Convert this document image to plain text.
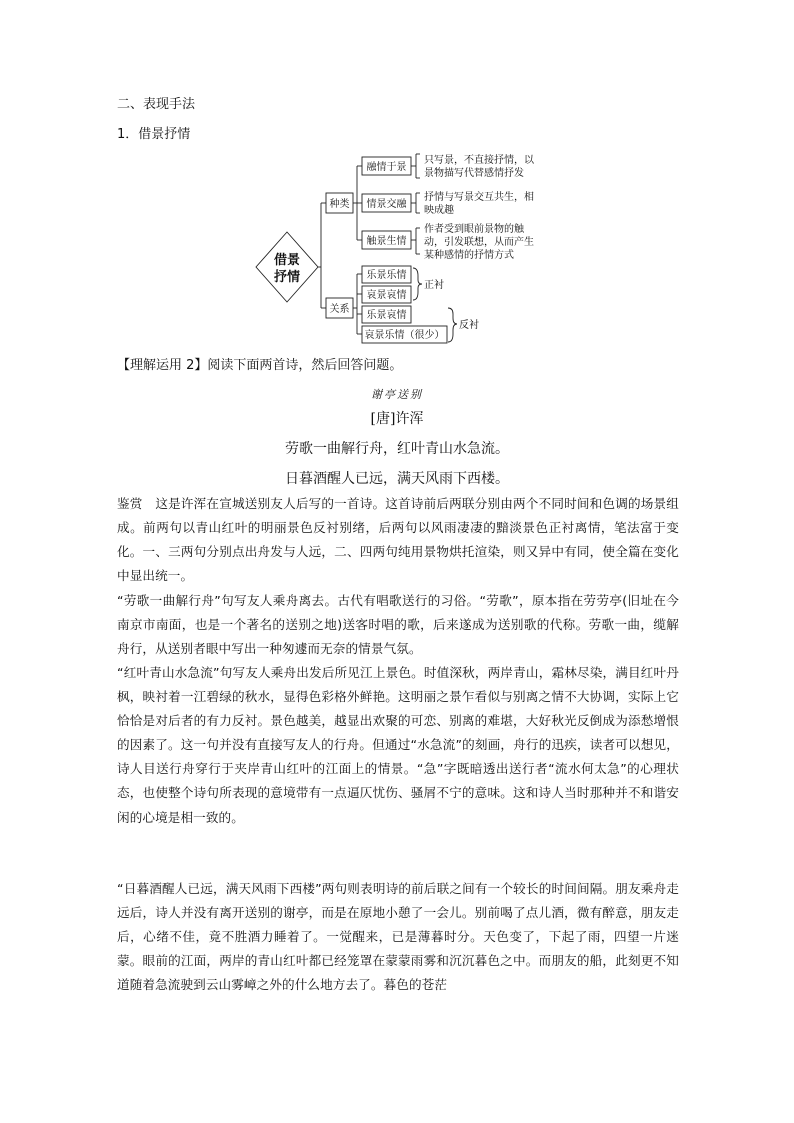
二、表现手法
1．借景抒情
借景
抒情
种类
关系
融情于景
情景交融
触景生情
只写景，不直接抒情，以
景物描写代替感情抒发
抒情与写景交互共生，相
映成趣
作者受到眼前景物的触
动，引发联想，从而产生
某种感情的抒情方式
乐景乐情
哀景哀情
乐景哀情
哀景乐情（很少）
正衬
反衬
【理解运用 2】阅读下面两首诗，然后回答问题。
谢亭送别
[唐]许浑
劳歌一曲解行舟，红叶青山水急流。
日暮酒醒人已远，满天风雨下西楼。
鉴赏　这是许浑在宣城送别友人后写的一首诗。这首诗前后两联分别由两个不同时间和色调的场景组成。前两句以青山红叶的明丽景色反衬别绪，后两句以风雨凄凄的黯淡景色正衬离情，笔法富于变化。一、三两句分别点出舟发与人远，二、四两句纯用景物烘托渲染，则又异中有同，使全篇在变化中显出统一。
“劳歌一曲解行舟”句写友人乘舟离去。古代有唱歌送行的习俗。“劳歌”，原本指在劳劳亭(旧址在今南京市南面，也是一个著名的送别之地)送客时唱的歌，后来遂成为送别歌的代称。劳歌一曲，缆解舟行，从送别者眼中写出一种匆遽而无奈的情景气氛。
“红叶青山水急流”句写友人乘舟出发后所见江上景色。时值深秋，两岸青山，霜林尽染，满目红叶丹枫，映衬着一江碧绿的秋水，显得色彩格外鲜艳。这明丽之景乍看似与别离之情不大协调，实际上它恰恰是对后者的有力反衬。景色越美，越显出欢聚的可恋、别离的难堪，大好秋光反倒成为添愁增恨的因素了。这一句并没有直接写友人的行舟。但通过“水急流”的刻画，舟行的迅疾，读者可以想见，诗人目送行舟穿行于夹岸青山红叶的江面上的情景。“急”字既暗透出送行者“流水何太急”的心理状态，也使整个诗句所表现的意境带有一点逼仄忧伤、骚屑不宁的意味。这和诗人当时那种并不和谐安闲的心境是相一致的。
“日暮酒醒人已远，满天风雨下西楼”两句则表明诗的前后联之间有一个较长的时间间隔。朋友乘舟走远后，诗人并没有离开送别的谢亭，而是在原地小憩了一会儿。别前喝了点儿酒，微有醉意，朋友走后，心绪不佳，竟不胜酒力睡着了。一觉醒来，已是薄暮时分。天色变了，下起了雨，四望一片迷蒙。眼前的江面，两岸的青山红叶都已经笼罩在蒙蒙雨雾和沉沉暮色之中。而朋友的船，此刻更不知道随着急流驶到云山雾嶂之外的什么地方去了。暮色的苍茫
